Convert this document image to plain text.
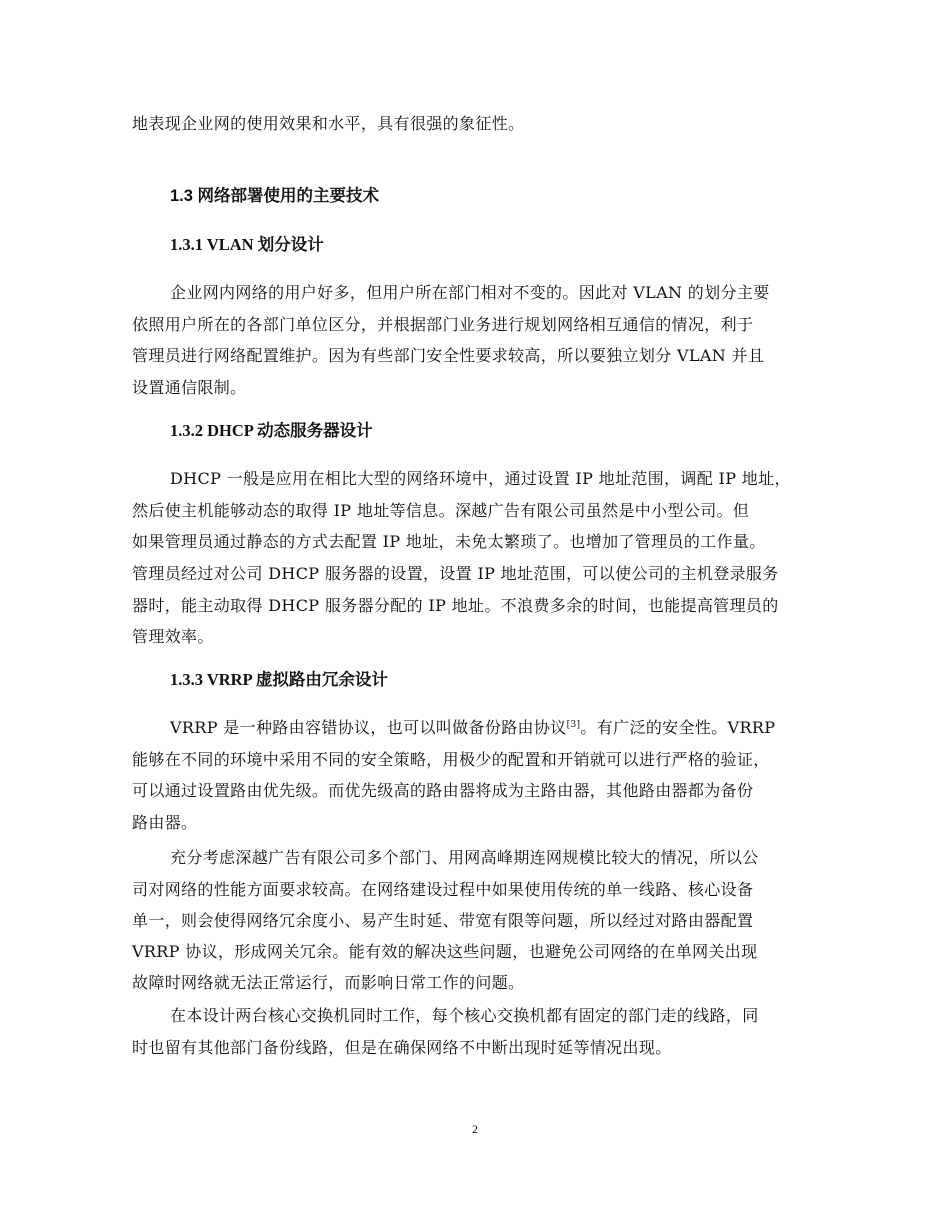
地表现企业网的使用效果和水平，具有很强的象征性。
1.3 网络部署使用的主要技术
1.3.1 VLAN 划分设计
企业网内网络的用户好多，但用户所在部门相对不变的。因此对 VLAN 的划分主要
依照用户所在的各部门单位区分，并根据部门业务进行规划网络相互通信的情况，利于
管理员进行网络配置维护。因为有些部门安全性要求较高，所以要独立划分 VLAN 并且
设置通信限制。
1.3.2 DHCP 动态服务器设计
DHCP 一般是应用在相比大型的网络环境中，通过设置 IP 地址范围，调配 IP 地址，
然后使主机能够动态的取得 IP 地址等信息。深越广告有限公司虽然是中小型公司。但
如果管理员通过静态的方式去配置 IP 地址，未免太繁琐了。也增加了管理员的工作量。
管理员经过对公司 DHCP 服务器的设置，设置 IP 地址范围，可以使公司的主机登录服务
器时，能主动取得 DHCP 服务器分配的 IP 地址。不浪费多余的时间，也能提高管理员的
管理效率。
1.3.3 VRRP 虚拟路由冗余设计
VRRP 是一种路由容错协议，也可以叫做备份路由协议[3]。有广泛的安全性。VRRP
能够在不同的环境中采用不同的安全策略，用极少的配置和开销就可以进行严格的验证，
可以通过设置路由优先级。而优先级高的路由器将成为主路由器，其他路由器都为备份
路由器。
充分考虑深越广告有限公司多个部门、用网高峰期连网规模比较大的情况，所以公
司对网络的性能方面要求较高。在网络建设过程中如果使用传统的单一线路、核心设备
单一，则会使得网络冗余度小、易产生时延、带宽有限等问题，所以经过对路由器配置
VRRP 协议，形成网关冗余。能有效的解决这些问题，也避免公司网络的在单网关出现
故障时网络就无法正常运行，而影响日常工作的问题。
在本设计两台核心交换机同时工作，每个核心交换机都有固定的部门走的线路，同
时也留有其他部门备份线路，但是在确保网络不中断出现时延等情况出现。
2
